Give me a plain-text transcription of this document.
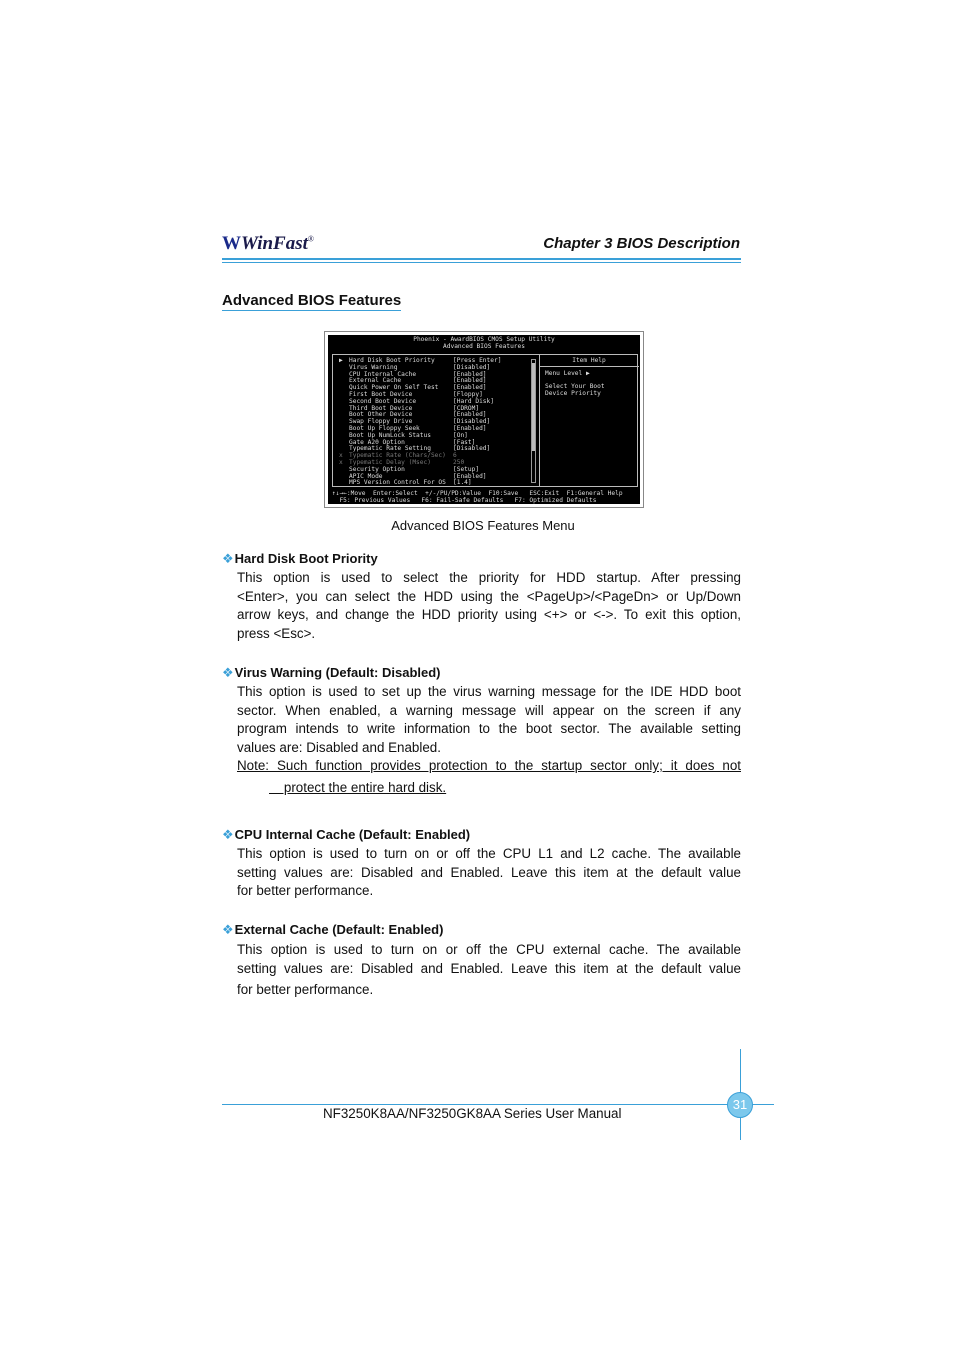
WWinFast®	Chapter 3 BIOS Description
Advanced BIOS Features
Phoenix - AwardBIOS CMOS Setup Utility
Advanced BIOS Features
▶ Hard Disk Boot Priority	[Press Enter]
Virus Warning	[Disabled]
CPU Internal Cache	[Enabled]
External Cache	[Enabled]
Quick Power On Self Test [Enabled]
First Boot Device	[Floppy]
Second Boot Device	[Hard Disk]
Third Boot Device	[CDROM]
Boot Other Device	[Enabled]
Swap Floppy Drive	[Disabled]
Boot Up Floppy Seek	[Enabled]
Boot Up NumLock Status	[On]
Gate A20 Option	[Fast]
Typematic Rate Setting	[Disabled]
x Typematic Rate (Chars/Sec) 6
x Typematic Delay (Msec)	250
Security Option	[Setup]
APIC Mode	[Enabled]
MPS Version Control For OS [1.4]
Item Help
Menu Level ▶
Select Your Boot
Device Priority
↑↓→←:Move  Enter:Select  +/-/PU/PD:Value  F10:Save   ESC:Exit  F1:General Help
F5: Previous Values   F6: Fail-Safe Defaults   F7: Optimized Defaults
Advanced BIOS Features Menu
❖Hard Disk Boot Priority
This option is used to select the priority for HDD startup. After pressing
<Enter>, you can select the HDD using the <PageUp>/<PageDn> or Up/Down
arrow keys, and change the HDD priority using <+> or <->. To exit this option,
press <Esc>.
❖Virus Warning (Default: Disabled)
This option is used to set up the virus warning message for the IDE HDD boot
sector. When enabled, a warning message will appear on the screen if any
program intends to write information to the boot sector. The available setting
values are: Disabled and Enabled.
Note: Such function provides protection to the startup sector only; it does not
protect the entire hard disk.
❖CPU Internal Cache (Default: Enabled)
This option is used to turn on or off the CPU L1 and L2 cache. The available
setting values are: Disabled and Enabled. Leave this item at the default value
for better performance.
❖External Cache (Default: Enabled)
This option is used to turn on or off the CPU external cache. The available
setting values are: Disabled and Enabled. Leave this item at the default value
for better performance.
31
NF3250K8AA/NF3250GK8AA Series User Manual
